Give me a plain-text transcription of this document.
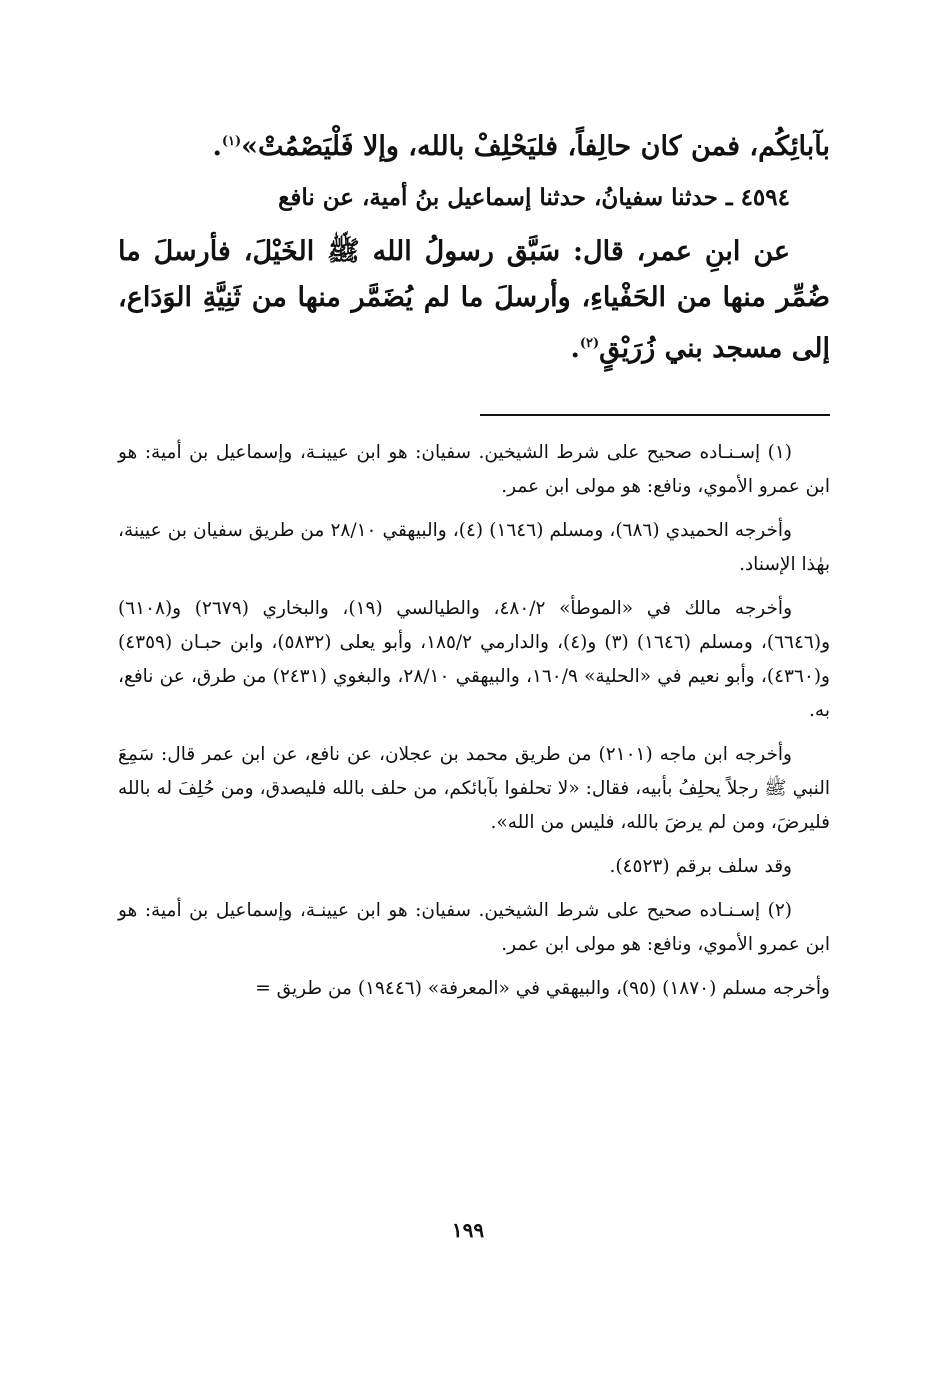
بآبائِكُم، فمن كان حالِفاً، فليَحْلِفْ بالله، وإلا فَلْيَصْمُتْ»$^{(١)}$.

٤٥٩٤ ـ حدثنا سفيانُ، حدثنا إسماعيل بنُ أمية، عن نافع

عن ابنِ عمر، قال: سَبَّق رسولُ الله ﷺ الخَيْلَ، فأرسلَ ما ضُمِّر منها من الحَفْياءِ، وأرسلَ ما لم يُضَمَّر منها من ثَنِيَّةِ الوَدَاع، إلى مسجد بني زُرَيْقٍ$^{(٢)}$.

(١) إسـنـاده صحيح على شرط الشيخين. سفيان: هو ابن عيينـة، وإسماعيل بن أمية: هو ابن عمرو الأموي، ونافع: هو مولى ابن عمر.

وأخرجه الحميدي (٦٨٦)، ومسلم (١٦٤٦) (٤)، والبيهقي ٢٨/١٠ من طريق سفيان بن عيينة، بهٰذا الإسناد.

وأخرجه مالك في «الموطأ» ٤٨٠/٢، والطيالسي (١٩)، والبخاري (٢٦٧٩) و(٦١٠٨) و(٦٦٤٦)، ومسلم (١٦٤٦) (٣) و(٤)، والدارمي ١٨٥/٢، وأبو يعلى (٥٨٣٢)، وابن حبـان (٤٣٥٩) و(٤٣٦٠)، وأبو نعيم في «الحلية» ١٦٠/٩، والبيهقي ٢٨/١٠، والبغوي (٢٤٣١) من طرق، عن نافع، به.

وأخرجه ابن ماجه (٢١٠١) من طريق محمد بن عجلان، عن نافع، عن ابن عمر قال: سَمِعَ النبي ﷺ رجلاً يحلِفُ بأبيه، فقال: «لا تحلفوا بآبائكم، من حلف بالله فليصدق، ومن حُلِفَ له بالله فليرضَ، ومن لم يرضَ بالله، فليس من الله».

وقد سلف برقم (٤٥٢٣).

(٢) إسـنـاده صحيح على شرط الشيخين. سفيان: هو ابن عيينـة، وإسماعيل بن أمية: هو ابن عمرو الأموي، ونافع: هو مولى ابن عمر.

وأخرجه مسلم (١٨٧٠) (٩٥)، والبيهقي في «المعرفة» (١٩٤٤٦) من طريق =

١٩٩
